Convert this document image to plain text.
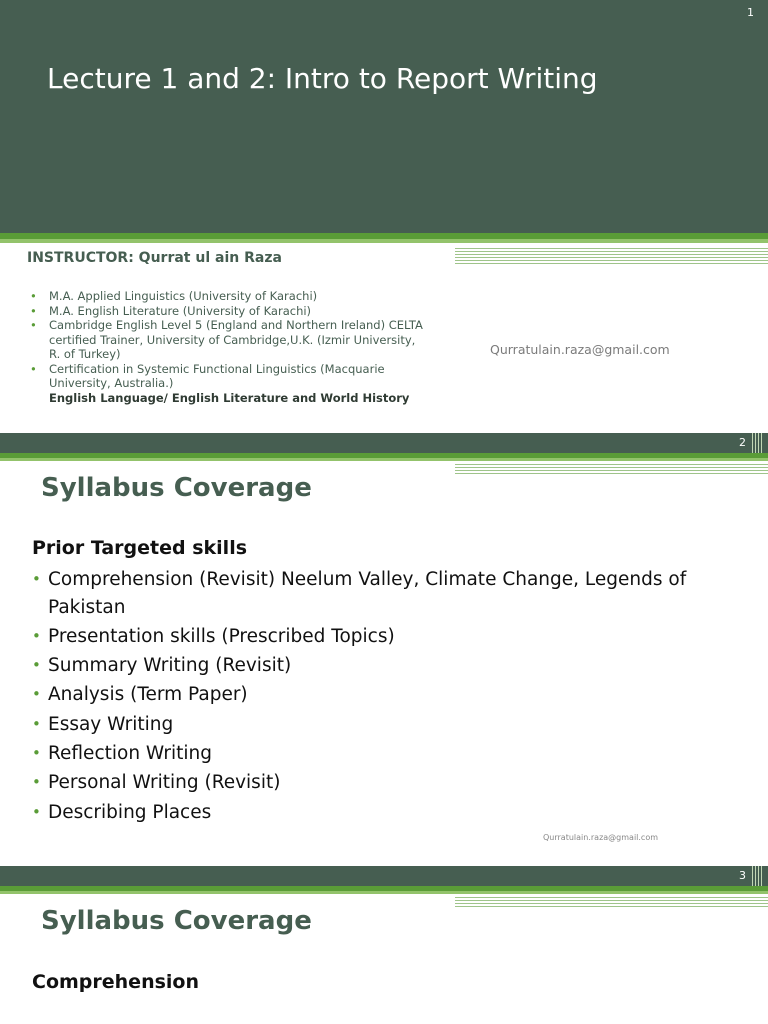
1
Lecture 1 and 2: Intro to Report Writing
INSTRUCTOR: Qurrat ul ain Raza
• M.A. Applied Linguistics (University of Karachi)
• M.A. English Literature (University of Karachi)
• Cambridge English Level 5 (England and Northern Ireland) CELTA certified Trainer, University of Cambridge,U.K. (Izmir University, R. of Turkey)
• Certification in Systemic Functional Linguistics (Macquarie University, Australia.)
English Language/ English Literature and World History
Qurratulain.raza@gmail.com
2
Syllabus Coverage
Prior Targeted skills
• Comprehension (Revisit) Neelum Valley, Climate Change, Legends of Pakistan
• Presentation skills (Prescribed Topics)
• Summary Writing (Revisit)
• Analysis (Term Paper)
• Essay Writing
• Reflection Writing
• Personal Writing (Revisit)
• Describing Places
Qurratulain.raza@gmail.com
3
Syllabus Coverage
Comprehension
